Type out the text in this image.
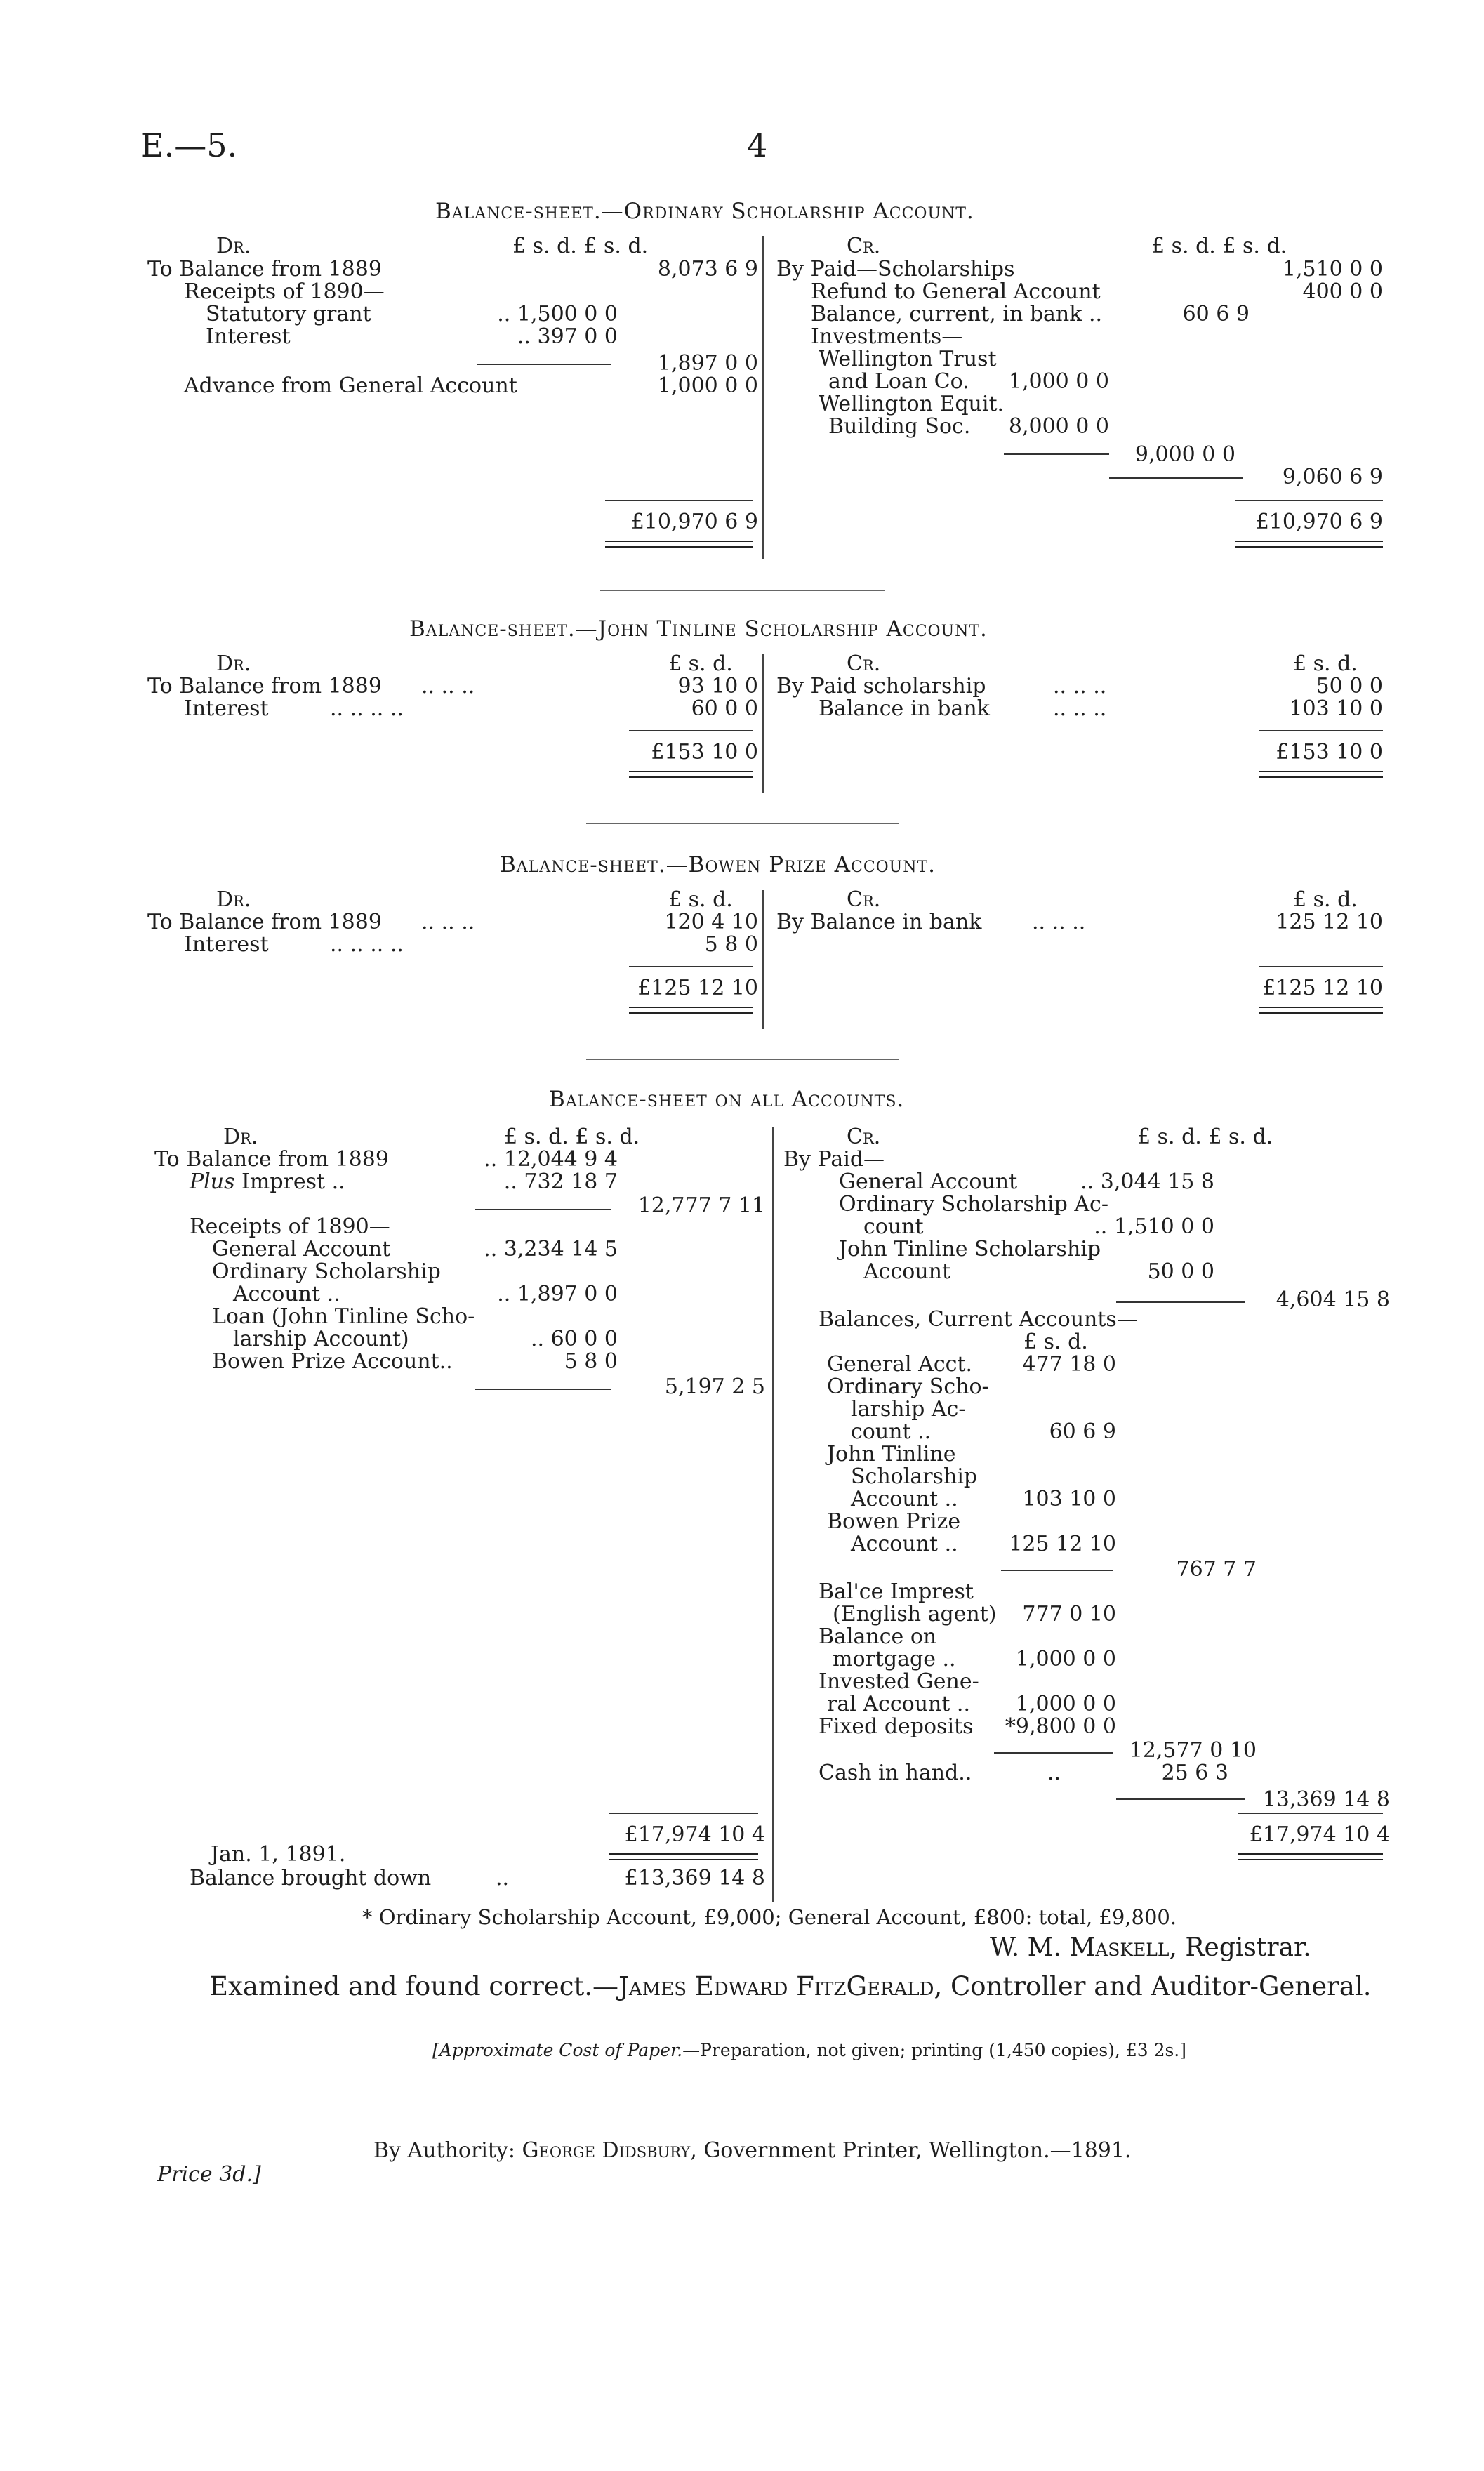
E.—5.	4
Balance-sheet.—Ordinary Scholarship Account.
Dr.	£ s. d. £ s. d.	Cr.	£ s. d. £ s. d.
To Balance from 1889	8,073 6 9
Receipts of 1890—
Statutory grant	.. 1,500 0 0
Interest	.. 397 0 0
1,897 0 0
Advance from General Account	1,000 0 0
£10,970 6 9
By Paid—Scholarships	1,510 0 0
Refund to General Account	400 0 0
Balance, current, in bank ..	60 6 9
Investments—
Wellington Trust
and Loan Co.	1,000 0 0
Wellington Equit.
Building Soc.	8,000 0 0
9,000 0 0
9,060 6 9
£10,970 6 9
Balance-sheet.—John Tinline Scholarship Account.
Dr.	£ s. d.	Cr.	£ s. d.
To Balance from 1889 .. .. ..	93 10 0
Interest	.. .. .. ..	60 0 0
£153 10 0
By Paid scholarship	.. .. ..	50 0 0
Balance in bank	.. .. ..	103 10 0
£153 10 0
Balance-sheet.—Bowen Prize Account.
Dr.	£ s. d.	Cr.	£ s. d.
To Balance from 1889 .. .. ..	120 4 10
Interest	.. .. .. ..	5 8 0
£125 12 10
By Balance in bank .. .. ..	125 12 10
£125 12 10
Balance-sheet on all Accounts.
Dr.	£ s. d. £ s. d.	Cr.	£ s. d. £ s. d.
To Balance from 1889	.. 12,044 9 4
Plus Imprest ..	.. 732 18 7
12,777 7 11
Receipts of 1890—
General Account	.. 3,234 14 5
Ordinary Scholarship
Account ..	.. 1,897 0 0
Loan (John Tinline Scho-
larship Account)	.. 60 0 0
Bowen Prize Account..	5 8 0
5,197 2 5
£17,974 10 4
Jan. 1, 1891.
Balance brought down	..	£13,369 14 8
By Paid—
General Account	.. 3,044 15 8
Ordinary Scholarship Ac-
count	.. 1,510 0 0
John Tinline Scholarship
Account	50 0 0
4,604 15 8
Balances, Current Accounts—
£ s. d.
General Acct.	477 18 0
Ordinary Scho-
larship Ac-
count ..	60 6 9
John Tinline
Scholarship
Account ..	103 10 0
Bowen Prize
Account ..	125 12 10
767 7 7
Bal'ce Imprest
(English agent)	777 0 10
Balance on
mortgage ..	1,000 0 0
Invested Gene-
ral Account ..	1,000 0 0
Fixed deposits	*9,800 0 0
12,577 0 10
Cash in hand..	..	25 6 3
13,369 14 8
£17,974 10 4
* Ordinary Scholarship Account, £9,000; General Account, £800: total, £9,800.
W. M. Maskell, Registrar.
Examined and found correct.—James Edward FitzGerald, Controller and Auditor-General.
[Approximate Cost of Paper.—Preparation, not given; printing (1,450 copies), £3 2s.]
By Authority: George Didsbury, Government Printer, Wellington.—1891.
Price 3d.]
